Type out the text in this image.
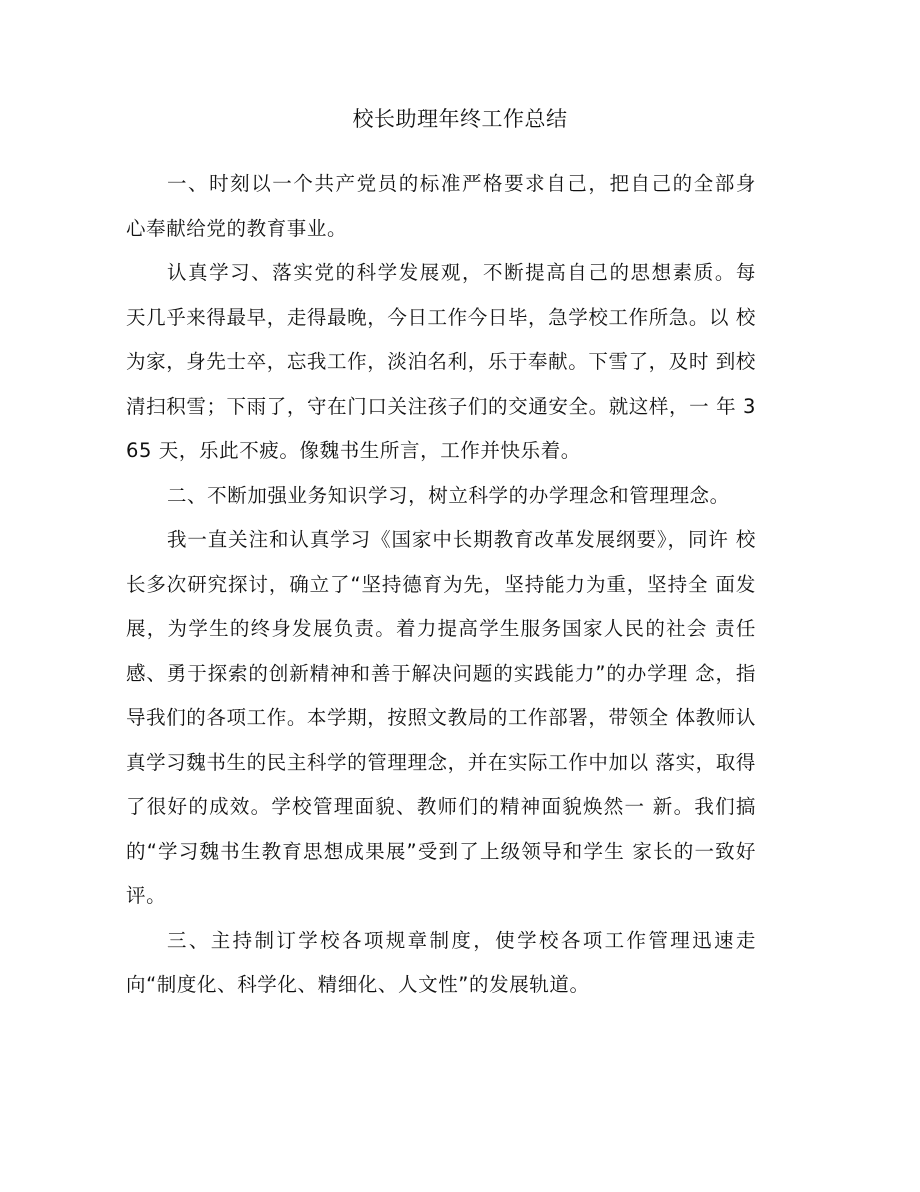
校长助理年终工作总结

一、时刻以一个共产党员的标准严格要求自己，把自己的全部身 心奉献给党的教育事业。

认真学习、落实党的科学发展观，不断提高自己的思想素质。每 天几乎来得最早，走得最晚，今日工作今日毕，急学校工作所急。以 校为家，身先士卒，忘我工作，淡泊名利，乐于奉献。下雪了，及时 到校清扫积雪；下雨了，守在门口关注孩子们的交通安全。就这样，一 年 365 天，乐此不疲。像魏书生所言，工作并快乐着。

二、不断加强业务知识学习，树立科学的办学理念和管理理念。

我一直关注和认真学习《国家中长期教育改革发展纲要》，同许 校长多次研究探讨，确立了“坚持德育为先，坚持能力为重，坚持全 面发展，为学生的终身发展负责。着力提高学生服务国家人民的社会 责任感、勇于探索的创新精神和善于解决问题的实践能力”的办学理 念，指导我们的各项工作。本学期，按照文教局的工作部署，带领全 体教师认真学习魏书生的民主科学的管理理念，并在实际工作中加以 落实，取得了很好的成效。学校管理面貌、教师们的精神面貌焕然一 新。我们搞的“学习魏书生教育思想成果展”受到了上级领导和学生 家长的一致好评。

三、主持制订学校各项规章制度，使学校各项工作管理迅速走向“制度化、科学化、精细化、人文性”的发展轨道。
